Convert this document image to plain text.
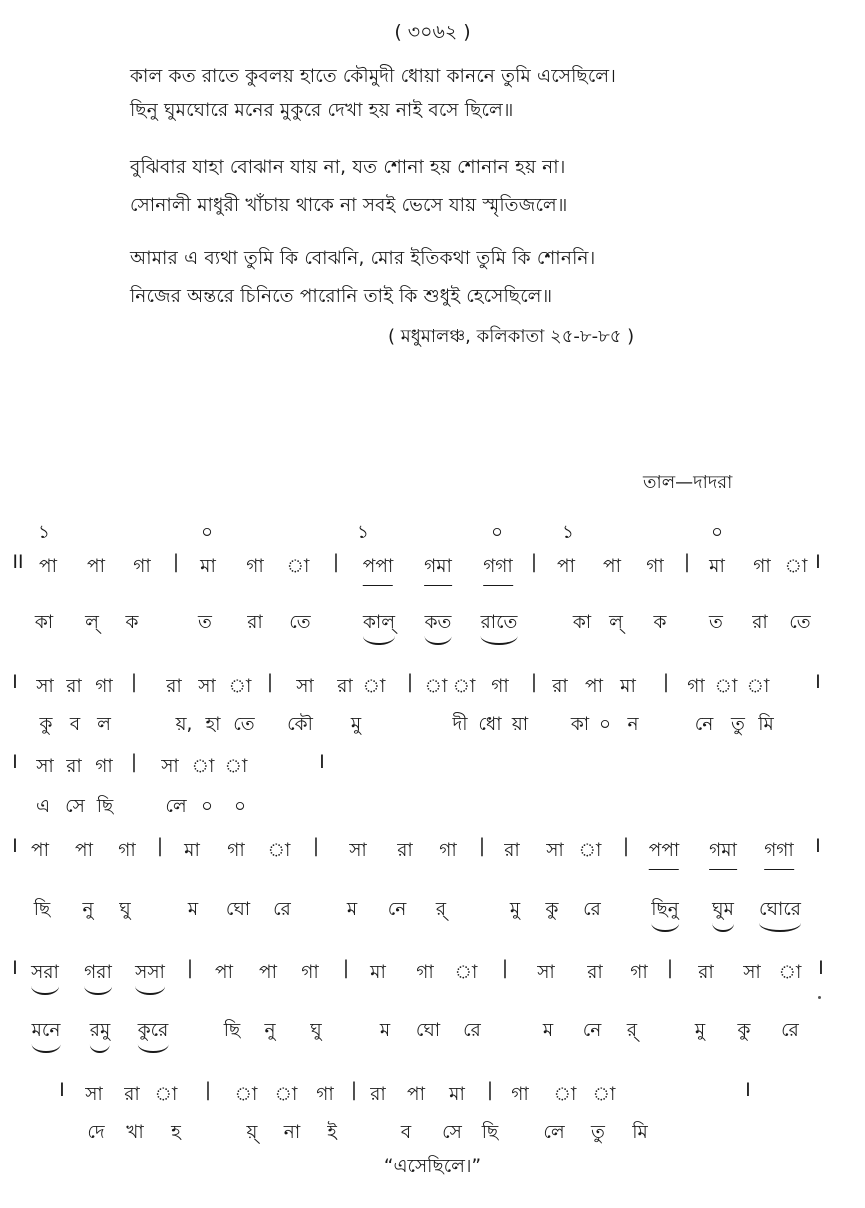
( ৩০৬২ )
কাল কত রাতে কুবলয় হাতে কৌমুদী ধোয়া কাননে তুমি এসেছিলে।
ছিনু ঘুমঘোরে মনের মুকুরে দেখা হয় নাই বসে ছিলে॥
বুঝিবার যাহা বোঝান যায় না, যত শোনা হয় শোনান হয় না।
সোনালী মাধুরী খাঁচায় থাকে না সবই ভেসে যায় স্মৃতিজলে॥
আমার এ ব্যথা তুমি কি বোঝনি, মোর ইতিকথা তুমি কি শোননি।
নিজের অন্তরে চিনিতে পারোনি তাই কি শুধুই হেসেছিলে॥
( মধুমালঞ্চ, কলিকাতা ২৫-৮-৮৫ )
তাল—দাদরা
১	০	১	০	১	০
II পা পা গা | মা গা া | পপা গমা গগা | পা পা গা | মা গা া I
কা ল্ ক	ত রা তে	কাল্ কত রাতে	কা ল্ ক ত রা তে
I সা রা গা | রা সা া | সা রা া | া া গা | রা পা মা | গা া া I
কু ব ল	য়, হা তে কৌ মু	দী ধো য়া কা ০ ন	নে তু মি
I সা রা গা | সা া া	I
এ সে ছি	লে ০ ০
I পা পা গা | মা গা া | সা রা গা | রা সা া | পপা গমা গগা I
ছি নু ঘু	ম ঘো রে	ম নে র্	মু কু রে	ছিনু ঘুম ঘোরে
I সরা গরা সসা | পা পা গা | মা গা া | সা রা গা | রা সা া I
মনে রমু কুরে	ছি নু ঘু	ম ঘো রে	ম নে র্	মু কু রে
I সা রা া | া া গা | রা পা মা | গা া া	I
দে খা হ	য়্ না ই	ব সে ছি লে তু মি
“এসেছিলে।”
